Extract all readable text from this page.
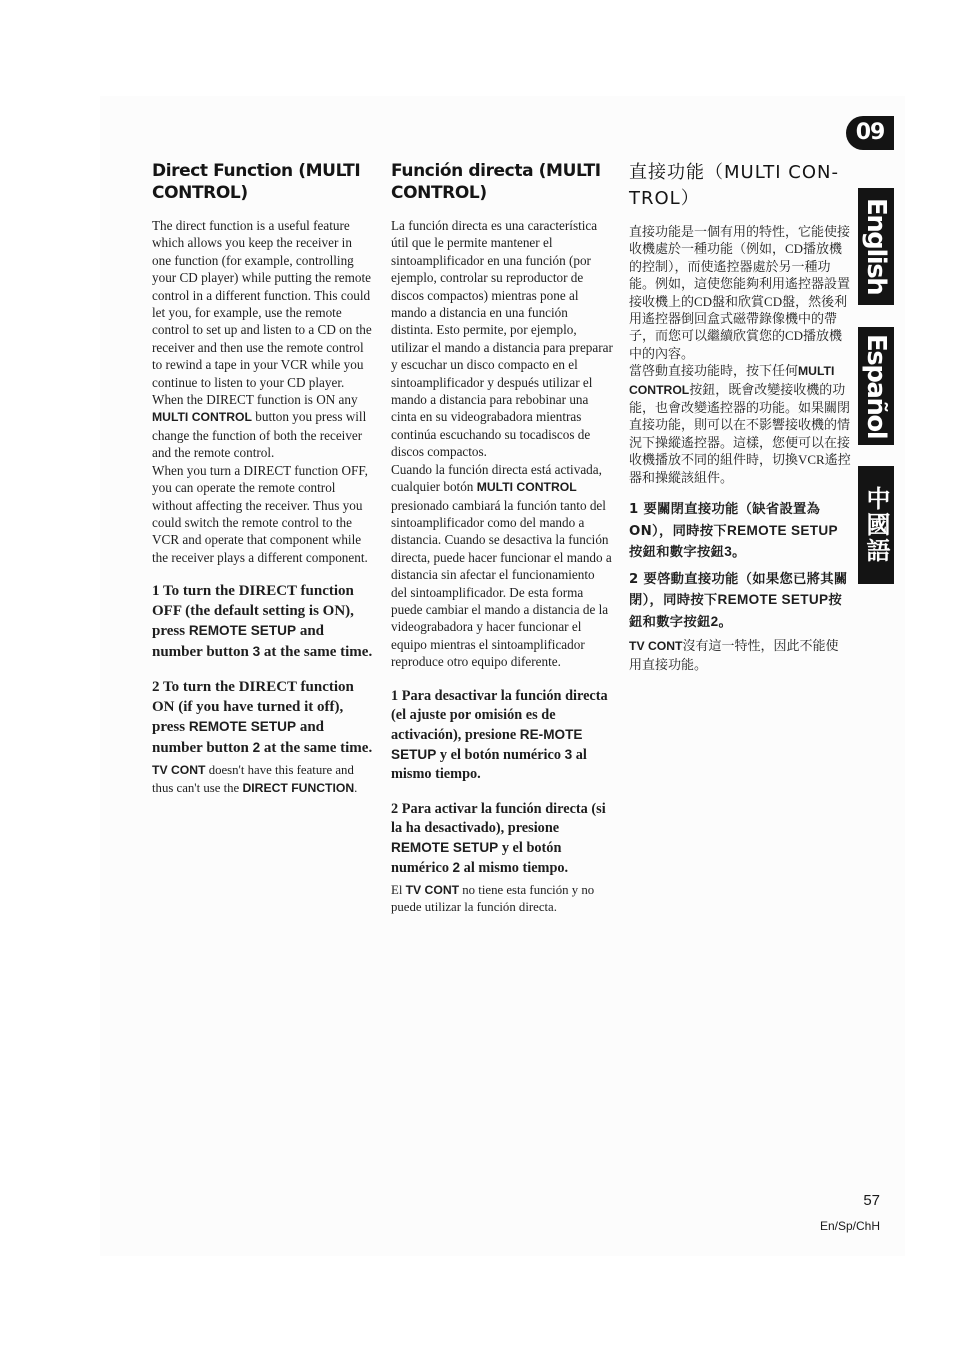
09
English
Español
中國語
Direct Function (MULTI CONTROL)

The direct function is a useful feature which allows you keep the receiver in one function (for example, controlling your CD player) while putting the remote control in a different function. This could let you, for example, use the remote control to set up and listen to a CD on the receiver and then use the remote control to rewind a tape in your VCR while you continue to listen to your CD player.

When the DIRECT function is ON any MULTI CONTROL button you press will change the function of both the receiver and the remote control.

When you turn a DIRECT function OFF, you can operate the remote control without affecting the receiver. Thus you could switch the remote control to the VCR and operate that component while the receiver plays a different component.

1 To turn the DIRECT function OFF (the default setting is ON), press REMOTE SETUP and number button 3 at the same time.

2 To turn the DIRECT function ON (if you have turned it off), press REMOTE SETUP and number button 2 at the same time.

TV CONT doesn't have this feature and thus can't use the DIRECT FUNCTION.

Función directa (MULTI CONTROL)

La función directa es una característica útil que le permite mantener el sintoamplificador en una función (por ejemplo, controlar su reproductor de discos compactos) mientras pone al mando a distancia en una función distinta. Esto permite, por ejemplo, utilizar el mando a distancia para preparar y escuchar un disco compacto en el sintoamplificador y después utilizar el mando a distancia para rebobinar una cinta en su videograbadora mientras continúa escuchando su tocadiscos de discos compactos.

Cuando la función directa está activada, cualquier botón MULTI CONTROL presionado cambiará la función tanto del sintoamplificador como del mando a distancia. Cuando se desactiva la función directa, puede hacer funcionar el mando a distancia sin afectar el funcionamiento del sintoamplificador. De esta forma puede cambiar el mando a distancia de la videograbadora y hacer funcionar el equipo mientras el sintoamplificador reproduce otro equipo diferente.

1 Para desactivar la función directa (el ajuste por omisión es de activación), presione RE-MOTE SETUP y el botón numérico 3 al mismo tiempo.

2 Para activar la función directa (si la ha desactivado), presione REMOTE SETUP y el botón numérico 2 al mismo tiempo.

El TV CONT no tiene esta función y no puede utilizar la función directa.

直接功能（MULTI CON-TROL）

直接功能是一個有用的特性，它能使接收機處於一種功能（例如，CD播放機的控制），而使遙控器處於另一種功能。例如，這使您能夠利用遙控器設置接收機上的CD盤和欣賞CD盤，然後利用遙控器倒回盒式磁帶錄像機中的帶子，而您可以繼續欣賞您的CD播放機中的內容。

當啓動直接功能時，按下任何MULTI CONTROL按鈕，既會改變接收機的功能，也會改變遙控器的功能。如果關閉直接功能，則可以在不影響接收機的情況下操縱遙控器。這樣，您便可以在接收機播放不同的組件時，切換VCR遙控器和操縱該組件。

1 要關閉直接功能（缺省設置為ON），同時按下REMOTE SETUP按鈕和數字按鈕3。

2 要啓動直接功能（如果您已將其關閉），同時按下REMOTE SETUP按鈕和數字按鈕2。

TV CONT沒有這一特性，因此不能使用直接功能。

57
En/Sp/ChH
